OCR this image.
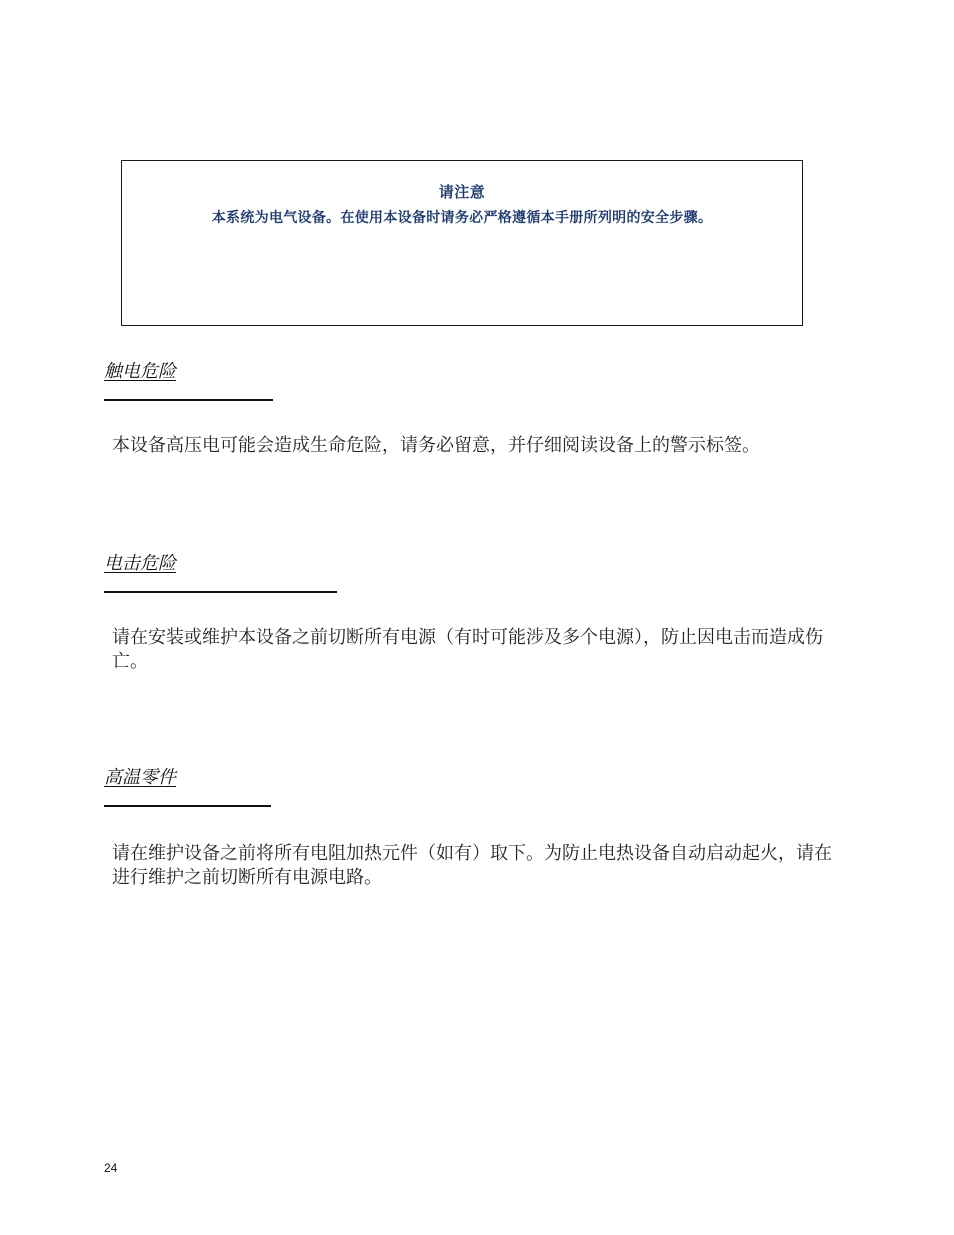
请注意
本系统为电气设备。在使用本设备时请务必严格遵循本手册所列明的安全步骤。
触电危险
本设备高压电可能会造成生命危险，请务必留意，并仔细阅读设备上的警示标签。
电击危险
请在安装或维护本设备之前切断所有电源（有时可能涉及多个电源），防止因电击而造成伤亡。
高温零件
请在维护设备之前将所有电阻加热元件（如有）取下。为防止电热设备自动启动起火，请在进行维护之前切断所有电源电路。
24
